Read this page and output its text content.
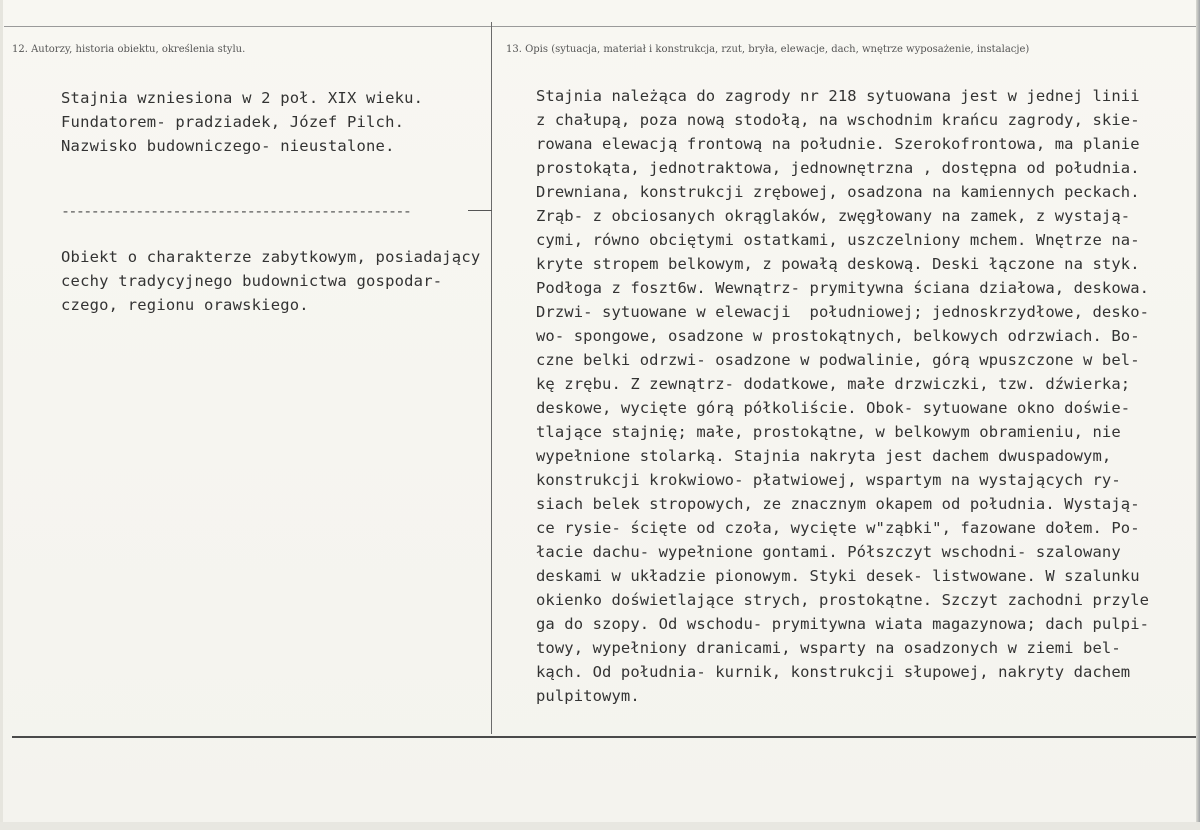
12. Autorzy, historia obiektu, określenia stylu.	13. Opis (sytuacja, materiał i konstrukcja, rzut, bryła, elewacje, dach, wnętrze wyposażenie, instalacje)
Stajnia wzniesiona w 2 poł. XIX wieku.
Fundatorem- pradziadek, Józef Pilch.
Nazwisko budowniczego- nieustalone.
-----------------------------------------------
Obiekt o charakterze zabytkowym, posiadający
cechy tradycyjnego budownictwa gospodar-
czego, regionu orawskiego.
Stajnia należąca do zagrody nr 218 sytuowana jest w jednej linii
z chałupą, poza nową stodołą, na wschodnim krańcu zagrody, skie-
rowana elewacją frontową na południe. Szerokofrontowa, ma planie
prostokąta, jednotraktowa, jednownętrzna , dostępna od południa.
Drewniana, konstrukcji zrębowej, osadzona na kamiennych peckach.
Zrąb- z obciosanych okrąglaków, zwęgłowany na zamek, z wystają-
cymi, równo obciętymi ostatkami, uszczelniony mchem. Wnętrze na-
kryte stropem belkowym, z powałą deskową. Deski łączone na styk.
Podłoga z foszt6w. Wewnątrz- prymitywna ściana działowa, deskowa.
Drzwi- sytuowane w elewacji  południowej; jednoskrzydłowe, desko-
wo- spongowe, osadzone w prostokątnych, belkowych odrzwiach. Bo-
czne belki odrzwi- osadzone w podwalinie, górą wpuszczone w bel-
kę zrębu. Z zewnątrz- dodatkowe, małe drzwiczki, tzw. dźwierka;
deskowe, wycięte górą półkoliście. Obok- sytuowane okno doświe-
tlające stajnię; małe, prostokątne, w belkowym obramieniu, nie
wypełnione stolarką. Stajnia nakryta jest dachem dwuspadowym,
konstrukcji krokwiowo- płatwiowej, wspartym na wystających ry-
siach belek stropowych, ze znacznym okapem od południa. Wystają-
ce rysie- ścięte od czoła, wycięte w"ząbki", fazowane dołem. Po-
łacie dachu- wypełnione gontami. Półszczyt wschodni- szalowany
deskami w układzie pionowym. Styki desek- listwowane. W szalunku
okienko doświetlające strych, prostokątne. Szczyt zachodni przyle
ga do szopy. Od wschodu- prymitywna wiata magazynowa; dach pulpi-
towy, wypełniony dranicami, wsparty na osadzonych w ziemi bel-
kąch. Od południa- kurnik, konstrukcji słupowej, nakryty dachem
pulpitowym.
